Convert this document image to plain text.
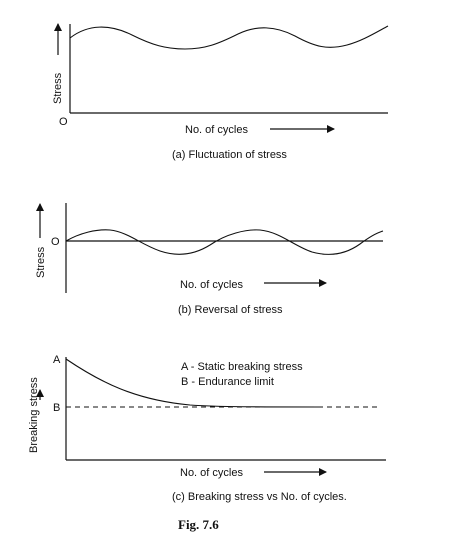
Stress
O
No. of cycles
(a) Fluctuation of stress
Stress
O
No. of cycles
(b) Reversal of stress
Breaking stress
A
B
A - Static breaking stress
B - Endurance limit
No. of cycles
(c) Breaking stress vs No. of cycles.
Fig. 7.6
